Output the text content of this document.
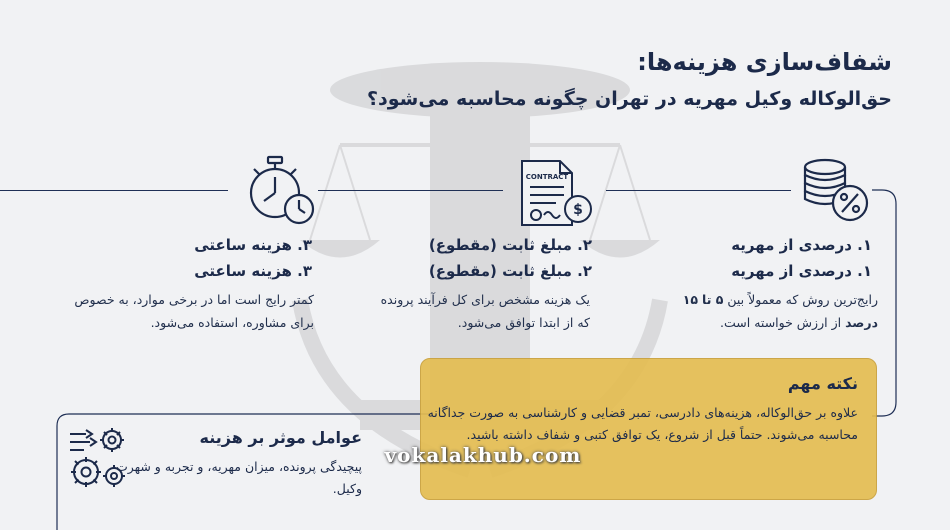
شفاف‌سازی هزینه‌ها:
حق‌الوکاله وکیل مهریه در تهران چگونه محاسبه می‌شود؟
۱. درصدی از مهریه
۱. درصدی از مهریه
رایج‌ترین روش که معمولاً بین ۵ تا ۱۵ درصد از ارزش خواسته است.
CONTRACT
$
۲. مبلغ ثابت (مقطوع)
۲. مبلغ ثابت (مقطوع)
یک هزینه مشخص برای کل فرآیند پرونده که از ابتدا توافق می‌شود.
۳. هزینه ساعتی
۳. هزینه ساعتی
کمتر رایج است اما در برخی موارد، به خصوص برای مشاوره، استفاده می‌شود.
نکته مهم
علاوه بر حق‌الوکاله، هزینه‌های دادرسی، تمبر قضایی و کارشناسی به صورت جداگانه محاسبه می‌شوند. حتماً قبل از شروع، یک توافق کتبی و شفاف داشته باشید.
عوامل موثر بر هزینه
پیچیدگی پرونده، میزان مهریه، و تجربه و شهرت وکیل.
vokalakhub.com
